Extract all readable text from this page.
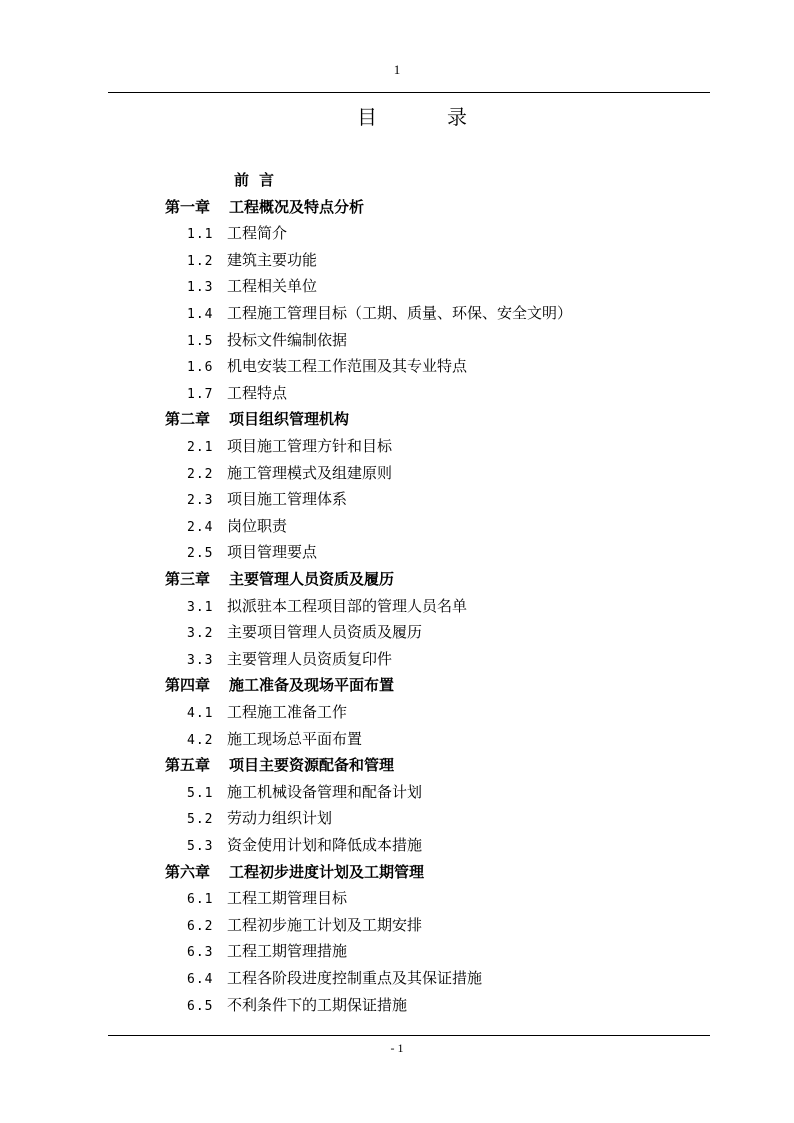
1
目	录
前言
第一章 工程概况及特点分析
1.1 工程简介
1.2 建筑主要功能
1.3 工程相关单位
1.4 工程施工管理目标（工期、质量、环保、安全文明）
1.5 投标文件编制依据
1.6 机电安装工程工作范围及其专业特点
1.7 工程特点
第二章 项目组织管理机构
2.1 项目施工管理方针和目标
2.2 施工管理模式及组建原则
2.3 项目施工管理体系
2.4 岗位职责
2.5 项目管理要点
第三章 主要管理人员资质及履历
3.1 拟派驻本工程项目部的管理人员名单
3.2 主要项目管理人员资质及履历
3.3 主要管理人员资质复印件
第四章 施工准备及现场平面布置
4.1 工程施工准备工作
4.2 施工现场总平面布置
第五章 项目主要资源配备和管理
5.1 施工机械设备管理和配备计划
5.2 劳动力组织计划
5.3 资金使用计划和降低成本措施
第六章 工程初步进度计划及工期管理
6.1 工程工期管理目标
6.2 工程初步施工计划及工期安排
6.3 工程工期管理措施
6.4 工程各阶段进度控制重点及其保证措施
6.5 不利条件下的工期保证措施
- 1
